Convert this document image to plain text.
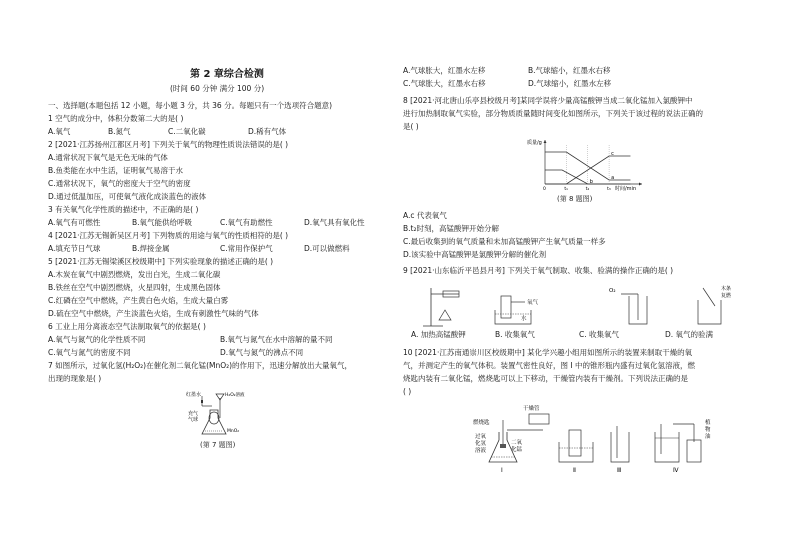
第 2 章综合检测
(时间 60 分钟 满分 100 分)
一、选择题(本题包括 12 小题，每小题 3 分，共 36 分。每题只有一个选项符合题意)
1 空气的成分中，体积分数第二大的是( )
A.氧气	B.氮气	C.二氧化碳	D.稀有气体
2 [2021·江苏扬州江都区月考] 下列关于氧气的物理性质说法错误的是( )
A.通常状况下氧气是无色无味的气体
B.鱼类能在水中生活，证明氧气易溶于水
C.通常状况下，氧气的密度大于空气的密度
D.通过低温加压，可使氧气液化成淡蓝色的液体
3 有关氧气化学性质的描述中，不正确的是( )
A.氧气有可燃性	B.氧气能供给呼吸	C.氧气有助燃性	D.氧气具有氧化性
4 [2021·江苏无锡新吴区月考] 下列物质的用途与氧气的性质相符的是( )
A.填充节日气球	B.焊接金属	C.常用作保护气	D.可以做燃料
5 [2021·江苏无锡梁溪区校级期中] 下列实验现象的描述正确的是( )
A.木炭在氧气中剧烈燃烧，发出白光，生成二氧化碳
B.铁丝在空气中剧烈燃烧，火星四射，生成黑色固体
C.红磷在空气中燃烧，产生黄白色火焰，生成大量白雾
D.硫在空气中燃烧，产生淡蓝色火焰，生成有刺激性气味的气体
6 工业上用分离液态空气法制取氧气的依据是( )
A.氧气与氮气的化学性质不同	B.氧气与氮气在水中溶解的量不同
C.氧气与氮气的密度不同	D.氧气与氮气的沸点不同
7 如图所示，过氧化氢(H₂O₂)在催化剂二氧化锰(MnO₂)的作用下，迅速分解放出大量氧气，
出现的现象是( )
红墨水	H₂O₂溶液
充气
气球
MnO₂
(第 7 题图)
A.气球胀大，红墨水左移	B.气球缩小，红墨水右移
C.气球胀大，红墨水右移	D.气球缩小，红墨水左移
8 [2021·河北唐山乐亭县校级月考]某同学误将少量高锰酸钾当成二氧化锰加入氯酸钾中
进行加热制取氧气实验，部分物质质量随时间变化如图所示，下列关于该过程的说法正确的
是( )
质量/g
时间/min
a
b
c
0	t₁	t₂	t₃
(第 8 题图)
A.c 代表氧气
B.t₂时刻，高锰酸钾开始分解
C.最后收集到的氧气质量和未加高锰酸钾产生氧气质量一样多
D.该实验中高锰酸钾是氯酸钾分解的催化剂
9 [2021·山东临沂平邑县月考] 下列关于氧气制取、收集、验满的操作正确的是( )
氧气
水
O₂	木条
复燃
A. 加热高锰酸钾	B. 收集氧气	C. 收集氧气	D. 氧气的验满
10 [2021·江苏南通崇川区校级期中] 某化学兴趣小组用如图所示的装置来制取干燥的氧
气，并测定产生的氧气体积。装置气密性良好，图 Ⅰ 中的锥形瓶内盛有过氧化氢溶液，燃
烧匙内装有二氧化锰，燃烧匙可以上下移动，干燥管内装有干燥剂。下列说法正确的是
( )
燃烧匙
过氧
化氢
溶液
二氧
化锰
Ⅰ
干燥管
Ⅱ	Ⅲ
植
物
油
Ⅳ
